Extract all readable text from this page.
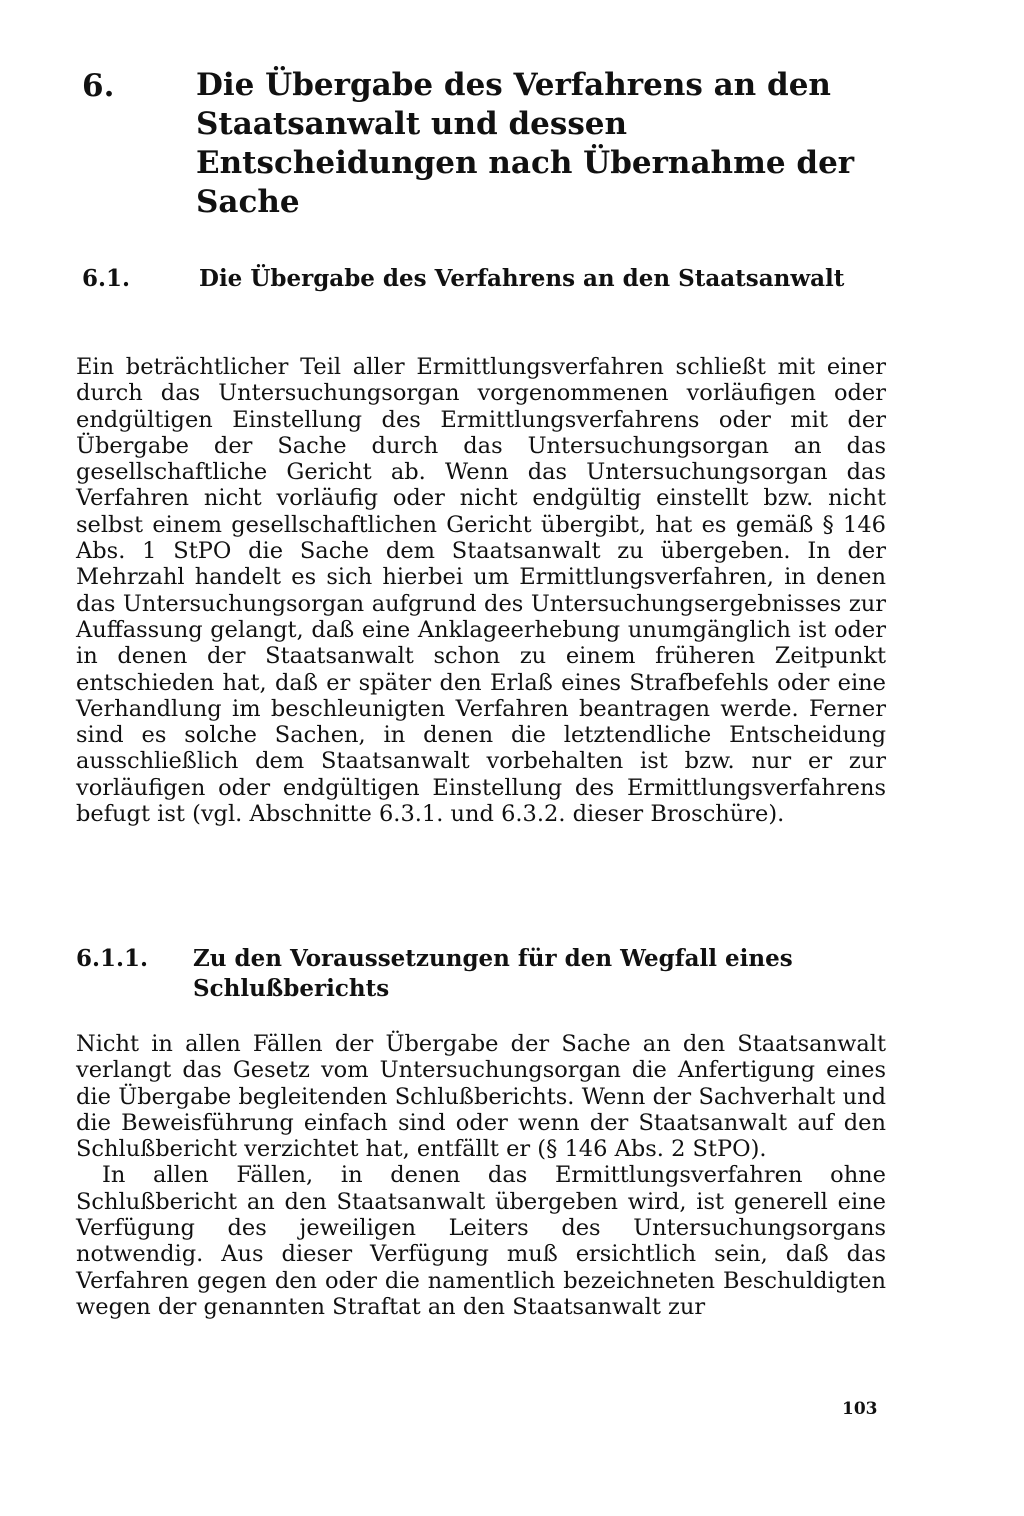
6.	Die Übergabe des Verfahrens an den Staatsanwalt und dessen Entscheidungen nach Übernahme der Sache
6.1.	Die Übergabe des Verfahrens an den Staatsanwalt

Ein beträchtlicher Teil aller Ermittlungsverfahren schließt mit einer durch das Untersuchungsorgan vorgenommenen vorläufigen oder endgültigen Einstellung des Ermittlungsverfahrens oder mit der Übergabe der Sache durch das Untersuchungsorgan an das gesellschaftliche Gericht ab. Wenn das Untersuchungsorgan das Verfahren nicht vorläufig oder nicht endgültig einstellt bzw. nicht selbst einem gesellschaftlichen Gericht übergibt, hat es gemäß § 146 Abs. 1 StPO die Sache dem Staatsanwalt zu übergeben. In der Mehrzahl handelt es sich hierbei um Ermittlungsverfahren, in denen das Untersuchungsorgan aufgrund des Untersuchungsergebnisses zur Auffassung gelangt, daß eine Anklageerhebung unumgänglich ist oder in denen der Staatsanwalt schon zu einem früheren Zeitpunkt entschieden hat, daß er später den Erlaß eines Strafbefehls oder eine Verhandlung im beschleunigten Verfahren beantragen werde. Ferner sind es solche Sachen, in denen die letztendliche Entscheidung ausschließlich dem Staatsanwalt vorbehalten ist bzw. nur er zur vorläufigen oder endgültigen Einstellung des Ermittlungsverfahrens befugt ist (vgl. Abschnitte 6.3.1. und 6.3.2. dieser Broschüre).

6.1.1. Zu den Voraussetzungen für den Wegfall eines Schlußberichts

Nicht in allen Fällen der Übergabe der Sache an den Staatsanwalt verlangt das Gesetz vom Untersuchungsorgan die Anfertigung eines die Übergabe begleitenden Schlußberichts. Wenn der Sachverhalt und die Beweisführung einfach sind oder wenn der Staatsanwalt auf den Schlußbericht verzichtet hat, entfällt er (§ 146 Abs. 2 StPO).

In allen Fällen, in denen das Ermittlungsverfahren ohne Schlußbericht an den Staatsanwalt übergeben wird, ist generell eine Verfügung des jeweiligen Leiters des Untersuchungsorgans notwendig. Aus dieser Verfügung muß ersichtlich sein, daß das Verfahren gegen den oder die namentlich bezeichneten Beschuldigten wegen der genannten Straftat an den Staatsanwalt zur

103
